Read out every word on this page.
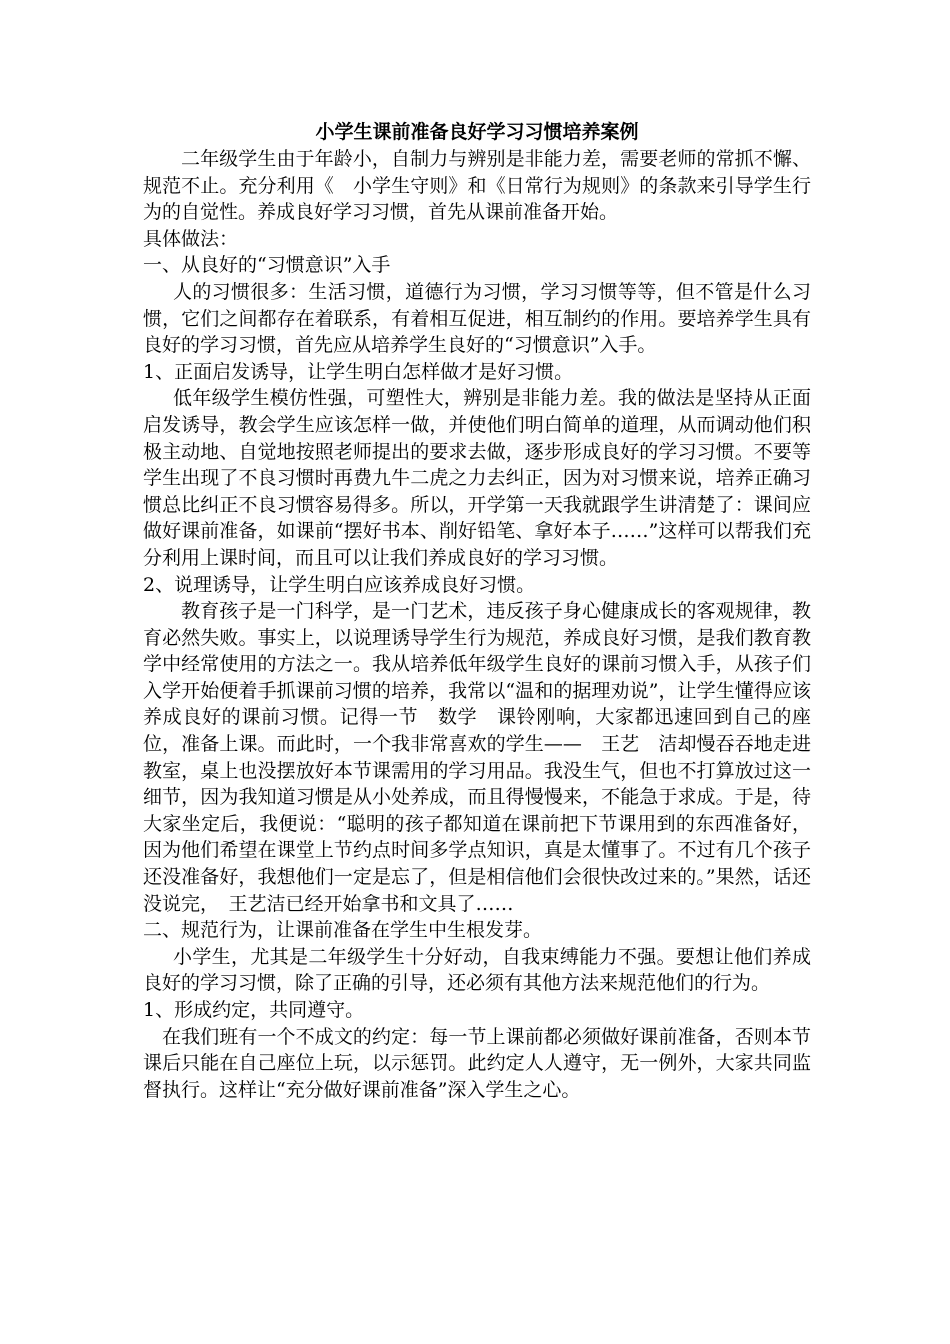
小学生课前准备良好学习习惯培养案例

二年级学生由于年龄小，自制力与辨别是非能力差，需要老师的常抓不懈、规范不止。充分利用《　小学生守则》和《日常行为规则》的条款来引导学生行为的自觉性。养成良好学习习惯，首先从课前准备开始。

具体做法：

一、从良好的“习惯意识”入手

人的习惯很多：生活习惯，道德行为习惯，学习习惯等等，但不管是什么习惯，它们之间都存在着联系，有着相互促进，相互制约的作用。要培养学生具有良好的学习习惯，首先应从培养学生良好的“习惯意识”入手。

1、正面启发诱导，让学生明白怎样做才是好习惯。

低年级学生模仿性强，可塑性大，辨别是非能力差。我的做法是坚持从正面启发诱导，教会学生应该怎样一做，并使他们明白简单的道理，从而调动他们积极主动地、自觉地按照老师提出的要求去做，逐步形成良好的学习习惯。不要等学生出现了不良习惯时再费九牛二虎之力去纠正，因为对习惯来说，培养正确习惯总比纠正不良习惯容易得多。所以，开学第一天我就跟学生讲清楚了：课间应做好课前准备，如课前“摆好书本、削好铅笔、拿好本子……”这样可以帮我们充分利用上课时间，而且可以让我们养成良好的学习习惯。

2、说理诱导，让学生明白应该养成良好习惯。

教育孩子是一门科学，是一门艺术，违反孩子身心健康成长的客观规律，教育必然失败。事实上，以说理诱导学生行为规范，养成良好习惯，是我们教育教学中经常使用的方法之一。我从培养低年级学生良好的课前习惯入手，从孩子们入学开始便着手抓课前习惯的培养，我常以“温和的据理劝说”，让学生懂得应该养成良好的课前习惯。记得一节　数学　课铃刚响，大家都迅速回到自己的座位，准备上课。而此时，一个我非常喜欢的学生——　王艺　洁却慢吞吞地走进教室，桌上也没摆放好本节课需用的学习用品。我没生气，但也不打算放过这一细节，因为我知道习惯是从小处养成，而且得慢慢来，不能急于求成。于是，待大家坐定后，我便说：“聪明的孩子都知道在课前把下节课用到的东西准备好，因为他们希望在课堂上节约点时间多学点知识，真是太懂事了。不过有几个孩子还没准备好，我想他们一定是忘了，但是相信他们会很快改过来的。”果然，话还没说完，　王艺洁已经开始拿书和文具了……

二、规范行为，让课前准备在学生中生根发芽。

小学生，尤其是二年级学生十分好动，自我束缚能力不强。要想让他们养成良好的学习习惯，除了正确的引导，还必须有其他方法来规范他们的行为。

1、形成约定，共同遵守。

在我们班有一个不成文的约定：每一节上课前都必须做好课前准备，否则本节课后只能在自己座位上玩，以示惩罚。此约定人人遵守，无一例外，大家共同监督执行。这样让“充分做好课前准备”深入学生之心。
